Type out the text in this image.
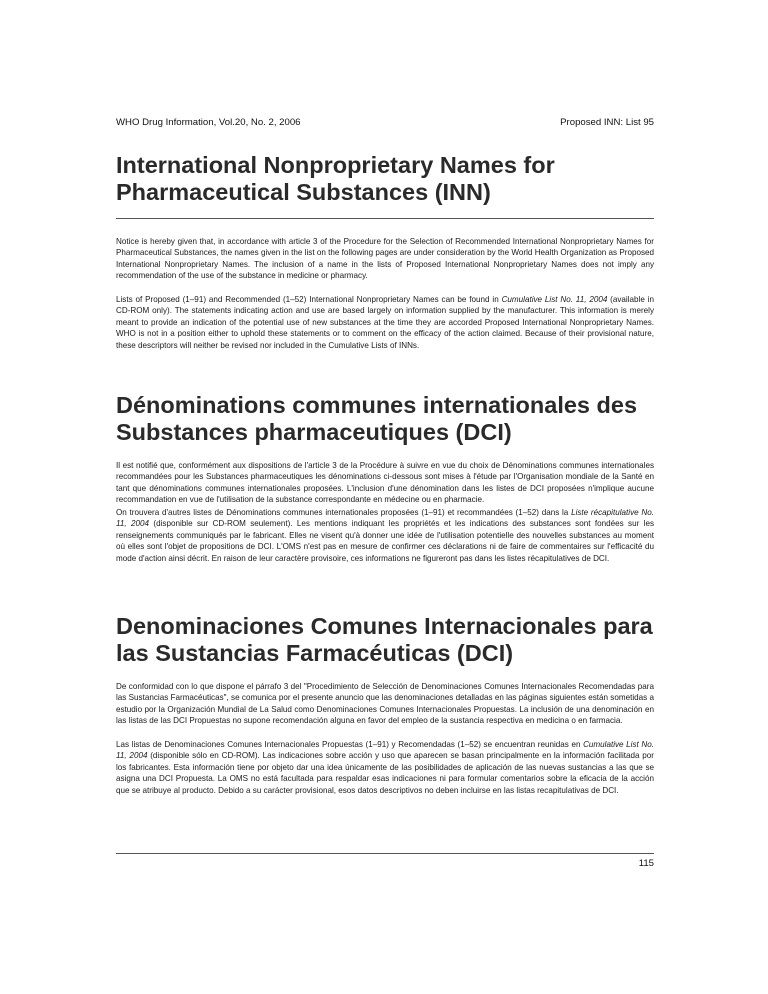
WHO Drug Information, Vol.20, No. 2, 2006	Proposed INN: List 95
International Nonproprietary Names for Pharmaceutical Substances (INN)

Notice is hereby given that, in accordance with article 3 of the Procedure for the Selection of Recommended International Nonproprietary Names for Pharmaceutical Substances, the names given in the list on the following pages are under consideration by the World Health Organization as Proposed International Nonproprietary Names. The inclusion of a name in the lists of Proposed International Nonproprietary Names does not imply any recommendation of the use of the substance in medicine or pharmacy.

Lists of Proposed (1–91) and Recommended (1–52) International Nonproprietary Names can be found in Cumulative List No. 11, 2004 (available in CD-ROM only). The statements indicating action and use are based largely on information supplied by the manufacturer. This information is merely meant to provide an indication of the potential use of new substances at the time they are accorded Proposed International Nonproprietary Names. WHO is not in a position either to uphold these statements or to comment on the efficacy of the action claimed. Because of their provisional nature, these descriptors will neither be revised nor included in the Cumulative Lists of INNs.

Dénominations communes internationales des Substances pharmaceutiques (DCI)

Il est notifié que, conformément aux dispositions de l'article 3 de la Procédure à suivre en vue du choix de Dénominations communes internationales recommandées pour les Substances pharmaceutiques les dénominations ci-dessous sont mises à l'étude par l'Organisation mondiale de la Santé en tant que dénominations communes internationales proposées. L'inclusion d'une dénomination dans les listes de DCI proposées n'implique aucune recommandation en vue de l'utilisation de la substance correspondante en médecine ou en pharmacie.

On trouvera d'autres listes de Dénominations communes internationales proposées (1–91) et recommandées (1–52) dans la Liste récapitulative No. 11, 2004 (disponible sur CD-ROM seulement). Les mentions indiquant les propriétés et les indications des substances sont fondées sur les renseignements communiqués par le fabricant. Elles ne visent qu'à donner une idée de l'utilisation potentielle des nouvelles substances au moment où elles sont l'objet de propositions de DCI. L'OMS n'est pas en mesure de confirmer ces déclarations ni de faire de commentaires sur l'efficacité du mode d'action ainsi décrit. En raison de leur caractère provisoire, ces informations ne figureront pas dans les listes récapitulatives de DCI.

Denominaciones Comunes Internacionales para las Sustancias Farmacéuticas (DCI)

De conformidad con lo que dispone el párrafo 3 del "Procedimiento de Selección de Denominaciones Comunes Internacionales Recomendadas para las Sustancias Farmacéuticas", se comunica por el presente anuncio que las denominaciones detalladas en las páginas siguientes están sometidas a estudio por la Organización Mundial de La Salud como Denominaciones Comunes Internacionales Propuestas. La inclusión de una denominación en las listas de las DCI Propuestas no supone recomendación alguna en favor del empleo de la sustancia respectiva en medicina o en farmacia.

Las listas de Denominaciones Comunes Internacionales Propuestas (1–91) y Recomendadas (1–52) se encuentran reunidas en Cumulative List No. 11, 2004 (disponible sólo en CD-ROM). Las indicaciones sobre acción y uso que aparecen se basan principalmente en la información facilitada por los fabricantes. Esta información tiene por objeto dar una idea únicamente de las posibilidades de aplicación de las nuevas sustancias a las que se asigna una DCI Propuesta. La OMS no está facultada para respaldar esas indicaciones ni para formular comentarios sobre la eficacia de la acción que se atribuye al producto. Debido a su carácter provisional, esos datos descriptivos no deben incluirse en las listas recapitulativas de DCI.

115
